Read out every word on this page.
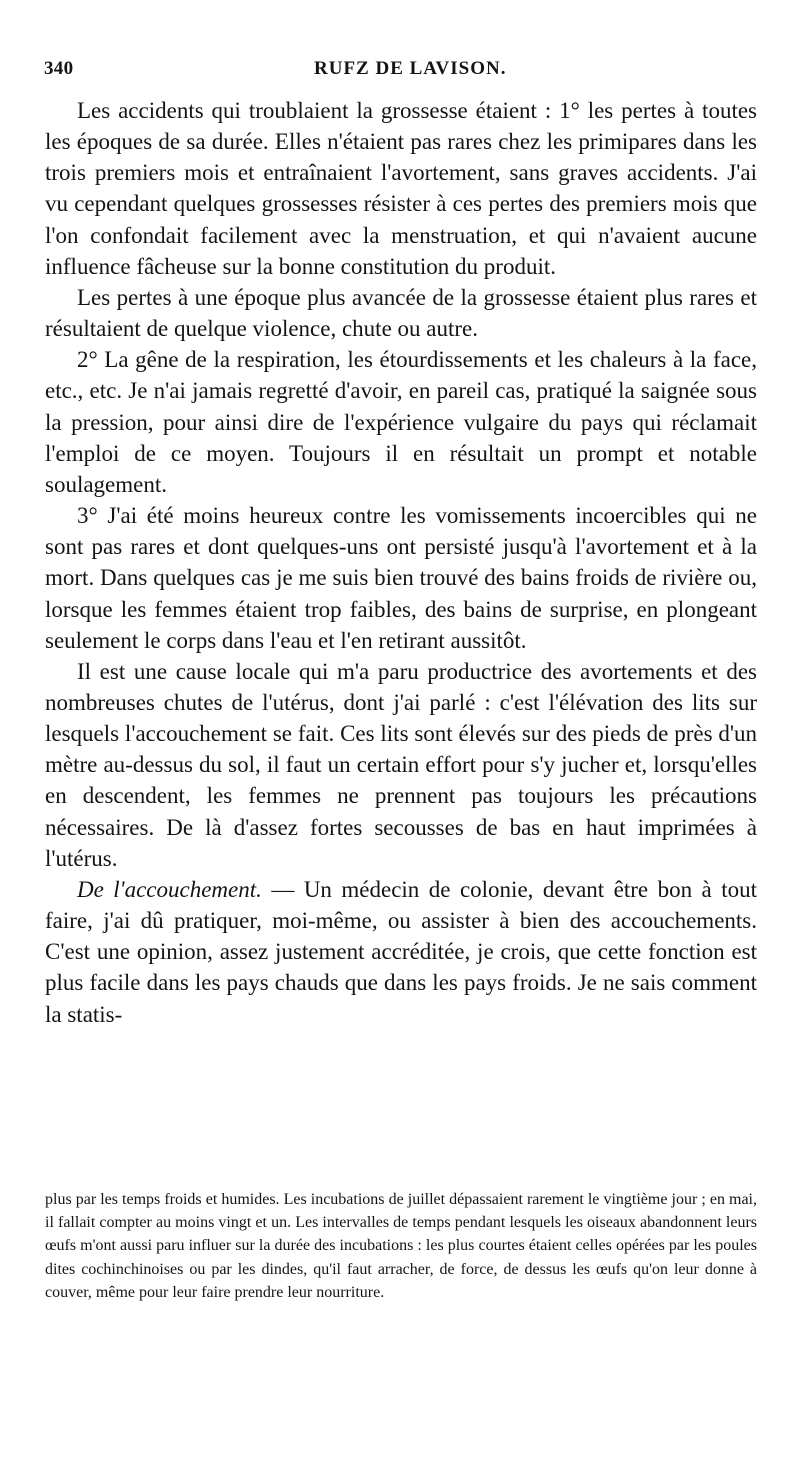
340	RUFZ DE LAVISON.

Les accidents qui troublaient la grossesse étaient : 1° les pertes à toutes les époques de sa durée. Elles n'étaient pas rares chez les primipares dans les trois premiers mois et entraînaient l'avortement, sans graves accidents. J'ai vu cependant quelques grossesses résister à ces pertes des premiers mois que l'on confondait facilement avec la menstruation, et qui n'avaient aucune influence fâcheuse sur la bonne constitution du produit.

Les pertes à une époque plus avancée de la grossesse étaient plus rares et résultaient de quelque violence, chute ou autre.

2° La gêne de la respiration, les étourdissements et les chaleurs à la face, etc., etc. Je n'ai jamais regretté d'avoir, en pareil cas, pratiqué la saignée sous la pression, pour ainsi dire de l'expérience vulgaire du pays qui réclamait l'emploi de ce moyen. Toujours il en résultait un prompt et notable soulagement.

3° J'ai été moins heureux contre les vomissements incoercibles qui ne sont pas rares et dont quelques-uns ont persisté jusqu'à l'avortement et à la mort. Dans quelques cas je me suis bien trouvé des bains froids de rivière ou, lorsque les femmes étaient trop faibles, des bains de surprise, en plongeant seulement le corps dans l'eau et l'en retirant aussitôt.

Il est une cause locale qui m'a paru productrice des avortements et des nombreuses chutes de l'utérus, dont j'ai parlé : c'est l'élévation des lits sur lesquels l'accouchement se fait. Ces lits sont élevés sur des pieds de près d'un mètre au-dessus du sol, il faut un certain effort pour s'y jucher et, lorsqu'elles en descendent, les femmes ne prennent pas toujours les précautions nécessaires. De là d'assez fortes secousses de bas en haut imprimées à l'utérus.

De l'accouchement. — Un médecin de colonie, devant être bon à tout faire, j'ai dû pratiquer, moi-même, ou assister à bien des accouchements. C'est une opinion, assez justement accréditée, je crois, que cette fonction est plus facile dans les pays chauds que dans les pays froids. Je ne sais comment la statis-

plus par les temps froids et humides. Les incubations de juillet dépassaient rarement le vingtième jour ; en mai, il fallait compter au moins vingt et un. Les intervalles de temps pendant lesquels les oiseaux abandonnent leurs œufs m'ont aussi paru influer sur la durée des incubations : les plus courtes étaient celles opérées par les poules dites cochinchinoises ou par les dindes, qu'il faut arracher, de force, de dessus les œufs qu'on leur donne à couver, même pour leur faire prendre leur nourriture.
